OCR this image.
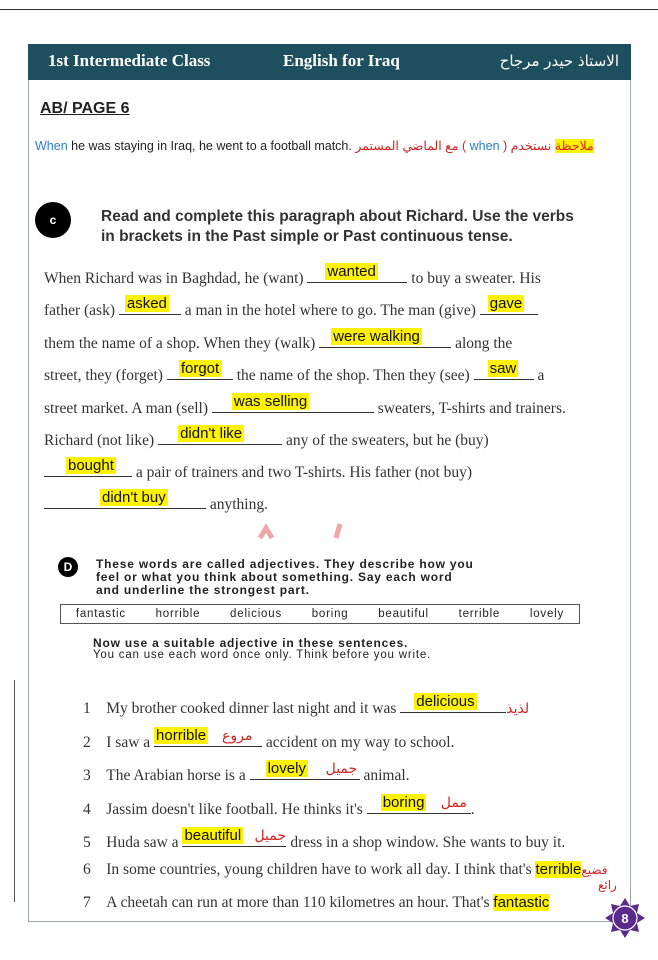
1st Intermediate Class	English for Iraq	الاستاذ حيدر مرجاح
AB/ PAGE 6
When he was staying in Iraq, he went to a football match.	ملاحظة نستخدم ( when ) مع الماضي المستمر
c	Read and complete this paragraph about Richard. Use the verbs
in brackets in the Past simple or Past continuous tense.
When Richard was in Baghdad, he (want) wanted to buy a sweater. His
father (ask) asked a man in the hotel where to go. The man (give) gave
them the name of a shop. When they (walk) were walking along the
street, they (forget) forgot the name of the shop. Then they (see) saw a
street market. A man (sell) was selling	sweaters, T-shirts and trainers.
Richard (not like) didn't like	any of the sweaters, but he (buy)
bought a pair of trainers and two T-shirts. His father (not buy)
didn't buy	anything.
D	These words are called adjectives. They describe how you
feel or what you think about something. Say each word
and underline the strongest part.
fantastic	horrible	delicious	boring	beautiful	terrible	lovely
Now use a suitable adjective in these sentences.
You can use each word once only. Think before you write.
1 My brother cooked dinner last night and it was delicious لذيذ
2 I saw a horrible مروع accident on my way to school.
3 The Arabian horse is a lovely جميل animal.
4 Jassim doesn't like football. He thinks it's boring ممل .
5 Huda saw a beautiful جميل dress in a shop window. She wants to buy it.
6 In some countries, young children have to work all day. I think that's terribleفضيع
7 A cheetah can run at more than 110 kilometres an hour. That's fantastic
رائع
8
